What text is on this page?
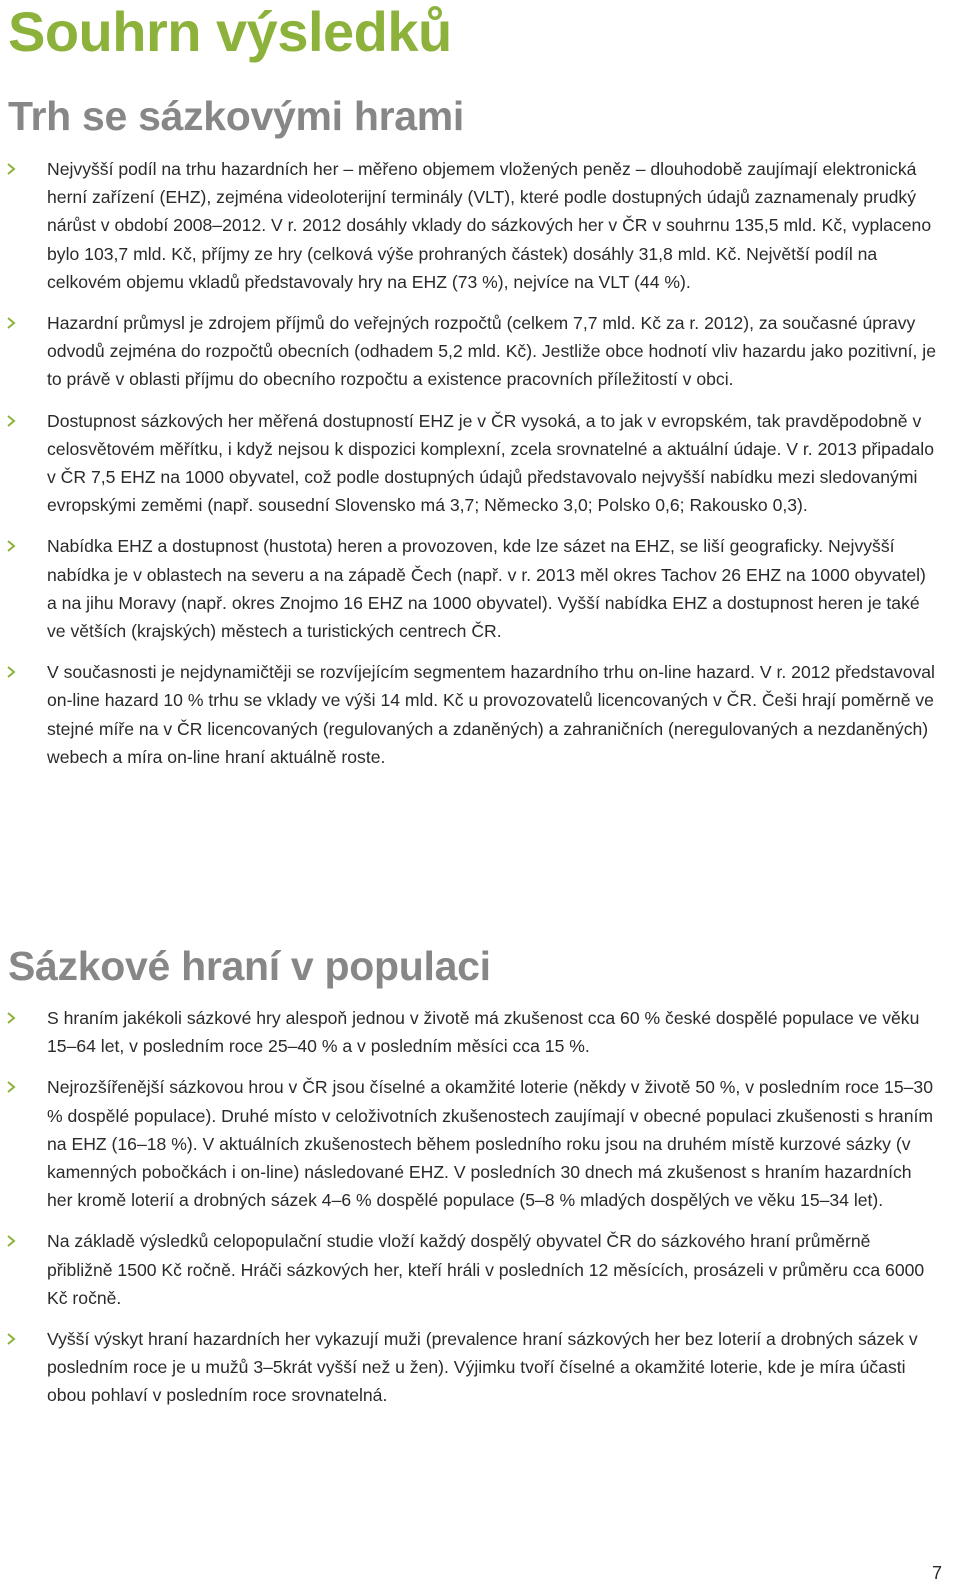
Souhrn výsledků
Trh se sázkovými hrami
Nejvyšší podíl na trhu hazardních her – měřeno objemem vložených peněz – dlouhodobě zaujímají elektronická herní zařízení (EHZ), zejména videoloterijní terminály (VLT), které podle dostupných údajů zaznamenaly prudký nárůst v období 2008–2012. V r. 2012 dosáhly vklady do sázkových her v ČR v souhrnu 135,5 mld. Kč, vyplaceno bylo 103,7 mld. Kč, příjmy ze hry (celková výše prohraných částek) dosáhly 31,8 mld. Kč. Největší podíl na celkovém objemu vkladů představovaly hry na EHZ (73 %), nejvíce na VLT (44 %).
Hazardní průmysl je zdrojem příjmů do veřejných rozpočtů (celkem 7,7 mld. Kč za r. 2012), za současné úpravy odvodů zejména do rozpočtů obecních (odhadem 5,2 mld. Kč). Jestliže obce hodnotí vliv hazardu jako pozitivní, je to právě v oblasti příjmu do obecního rozpočtu a existence pracovních příležitostí v obci.
Dostupnost sázkových her měřená dostupností EHZ je v ČR vysoká, a to jak v evropském, tak pravděpodobně v celosvětovém měřítku, i když nejsou k dispozici komplexní, zcela srovnatelné a aktuální údaje. V r. 2013 připadalo v ČR 7,5 EHZ na 1000 obyvatel, což podle dostupných údajů představovalo nejvyšší nabídku mezi sledovanými evropskými zeměmi (např. sousední Slovensko má 3,7; Německo 3,0; Polsko 0,6; Rakousko 0,3).
Nabídka EHZ a dostupnost (hustota) heren a provozoven, kde lze sázet na EHZ, se liší geograficky. Nejvyšší nabídka je v oblastech na severu a na západě Čech (např. v r. 2013 měl okres Tachov 26 EHZ na 1000 obyvatel) a na jihu Moravy (např. okres Znojmo 16 EHZ na 1000 obyvatel). Vyšší nabídka EHZ a dostupnost heren je také ve větších (krajských) městech a turistických centrech ČR.
V současnosti je nejdynamičtěji se rozvíjejícím segmentem hazardního trhu on-line hazard. V r. 2012 představoval on-line hazard 10 % trhu se vklady ve výši 14 mld. Kč u provozovatelů licencovaných v ČR. Češi hrají poměrně ve stejné míře na v ČR licencovaných (regulovaných a zdaněných) a zahraničních (neregulovaných a nezdaněných) webech a míra on-line hraní aktuálně roste.
Sázkové hraní v populaci
S hraním jakékoli sázkové hry alespoň jednou v životě má zkušenost cca 60 % české dospělé populace ve věku 15–64 let, v posledním roce 25–40 % a v posledním měsíci cca 15 %.
Nejrozšířenější sázkovou hrou v ČR jsou číselné a okamžité loterie (někdy v životě 50 %, v posledním roce 15–30 % dospělé populace). Druhé místo v celoživotních zkušenostech zaujímají v obecné populaci zkušenosti s hraním na EHZ (16–18 %). V aktuálních zkušenostech během posledního roku jsou na druhém místě kurzové sázky (v kamenných pobočkách i on-line) následované EHZ. V posledních 30 dnech má zkušenost s hraním hazardních her kromě loterií a drobných sázek 4–6 % dospělé populace (5–8 % mladých dospělých ve věku 15–34 let).
Na základě výsledků celopopulační studie vloží každý dospělý obyvatel ČR do sázkového hraní průměrně přibližně 1500 Kč ročně. Hráči sázkových her, kteří hráli v posledních 12 měsících, prosázeli v průměru cca 6000 Kč ročně.
Vyšší výskyt hraní hazardních her vykazují muži (prevalence hraní sázkových her bez loterií a drobných sázek v posledním roce je u mužů 3–5krát vyšší než u žen). Výjimku tvoří číselné a okamžité loterie, kde je míra účasti obou pohlaví v posledním roce srovnatelná.
7
